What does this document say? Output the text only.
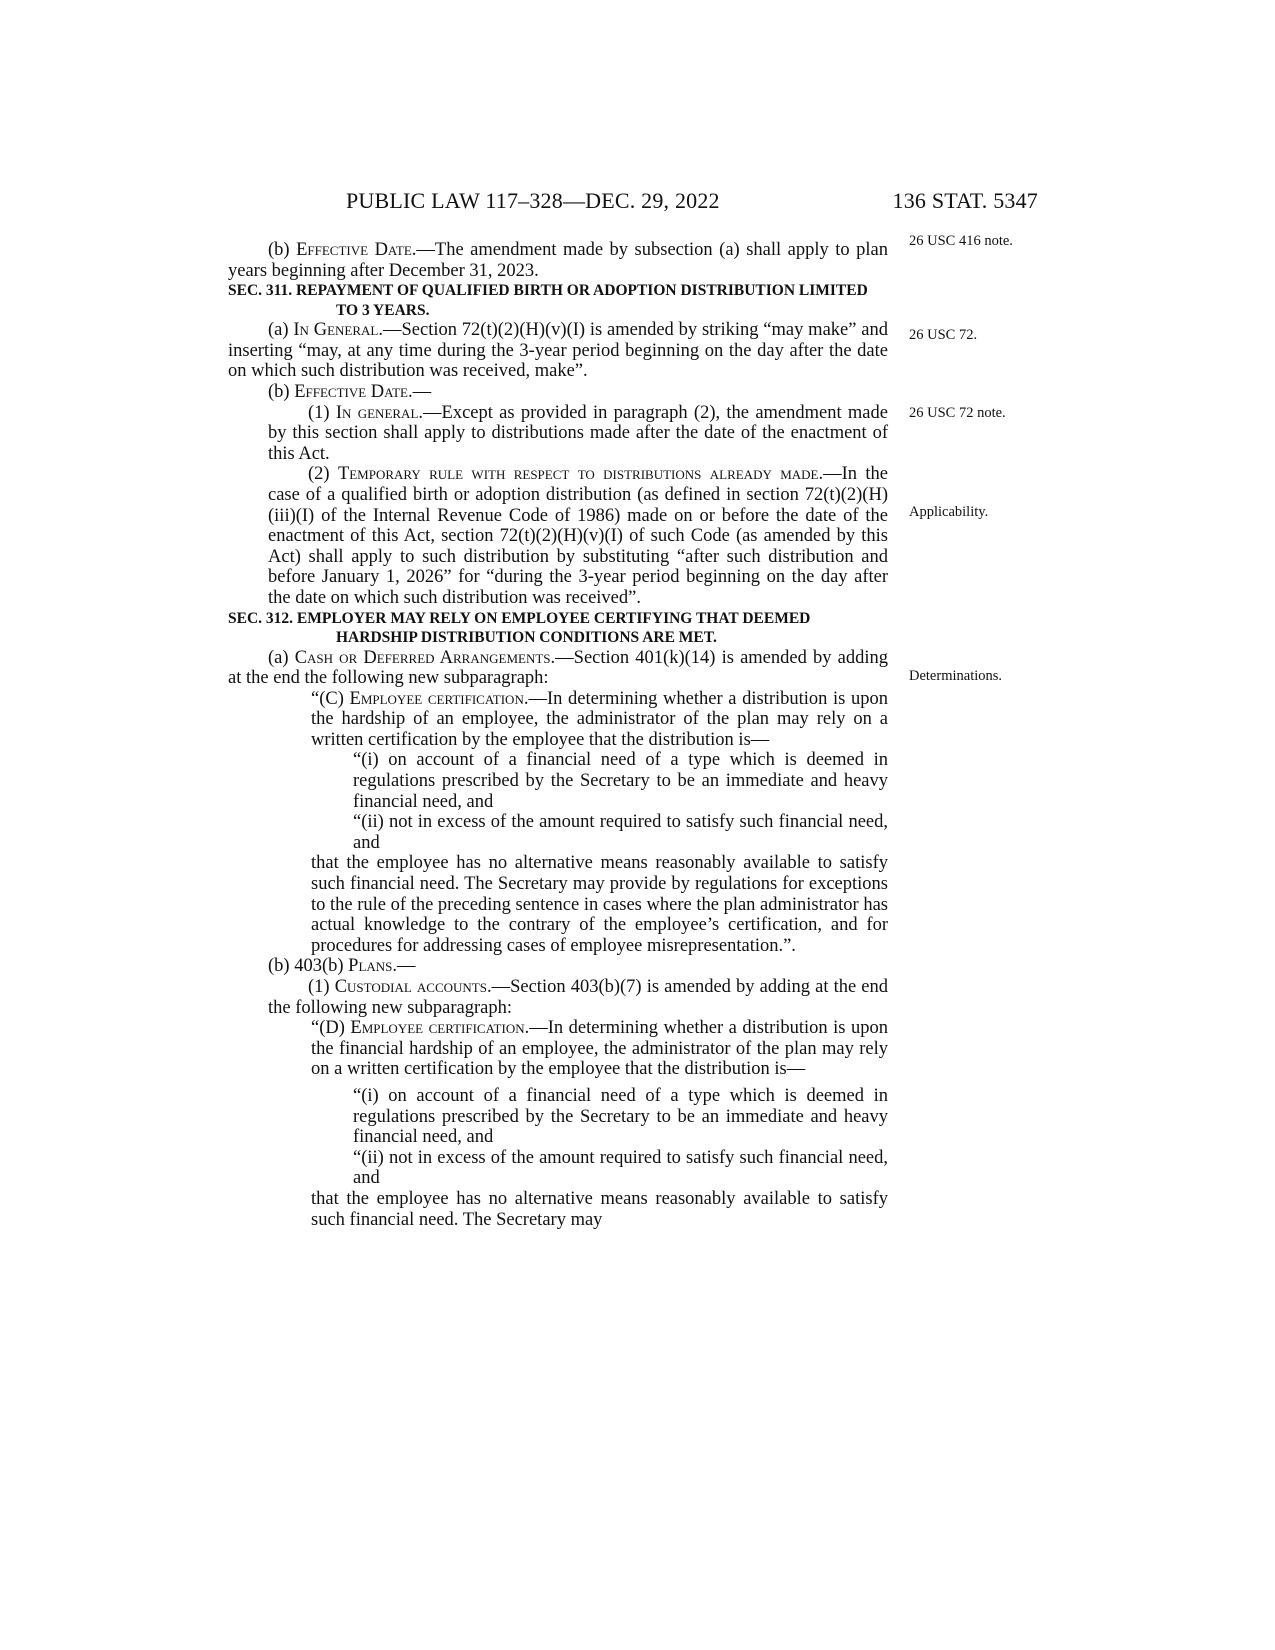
PUBLIC LAW 117–328—DEC. 29, 2022	136 STAT. 5347
26 USC 416 note.
26 USC 72.
26 USC 72 note.
Applicability.
Determinations.

(b) Effective Date.—The amendment made by subsection (a) shall apply to plan years beginning after December 31, 2023.

SEC. 311. REPAYMENT OF QUALIFIED BIRTH OR ADOPTION DISTRIBUTION LIMITED TO 3 YEARS.

(a) In General.—Section 72(t)(2)(H)(v)(I) is amended by striking “may make” and inserting “may, at any time during the 3-year period beginning on the day after the date on which such distribution was received, make”.

(b) Effective Date.—

(1) In general.—Except as provided in paragraph (2), the amendment made by this section shall apply to distributions made after the date of the enactment of this Act.

(2) Temporary rule with respect to distributions already made.—In the case of a qualified birth or adoption distribution (as defined in section 72(t)(2)(H)(iii)(I) of the Internal Revenue Code of 1986) made on or before the date of the enactment of this Act, section 72(t)(2)(H)(v)(I) of such Code (as amended by this Act) shall apply to such distribution by substituting “after such distribution and before January 1, 2026” for “during the 3-year period beginning on the day after the date on which such distribution was received”.

SEC. 312. EMPLOYER MAY RELY ON EMPLOYEE CERTIFYING THAT DEEMED HARDSHIP DISTRIBUTION CONDITIONS ARE MET.

(a) Cash or Deferred Arrangements.—Section 401(k)(14) is amended by adding at the end the following new subparagraph:

“(C) Employee certification.—In determining whether a distribution is upon the hardship of an employee, the administrator of the plan may rely on a written certification by the employee that the distribution is—

“(i) on account of a financial need of a type which is deemed in regulations prescribed by the Secretary to be an immediate and heavy financial need, and

“(ii) not in excess of the amount required to satisfy such financial need, and

that the employee has no alternative means reasonably available to satisfy such financial need. The Secretary may provide by regulations for exceptions to the rule of the preceding sentence in cases where the plan administrator has actual knowledge to the contrary of the employee’s certification, and for procedures for addressing cases of employee misrepresentation.”.

(b) 403(b) Plans.—

(1) Custodial accounts.—Section 403(b)(7) is amended by adding at the end the following new subparagraph:

“(D) Employee certification.—In determining whether a distribution is upon the financial hardship of an employee, the administrator of the plan may rely on a written certification by the employee that the distribution is—

“(i) on account of a financial need of a type which is deemed in regulations prescribed by the Secretary to be an immediate and heavy financial need, and

“(ii) not in excess of the amount required to satisfy such financial need, and

that the employee has no alternative means reasonably available to satisfy such financial need. The Secretary may
